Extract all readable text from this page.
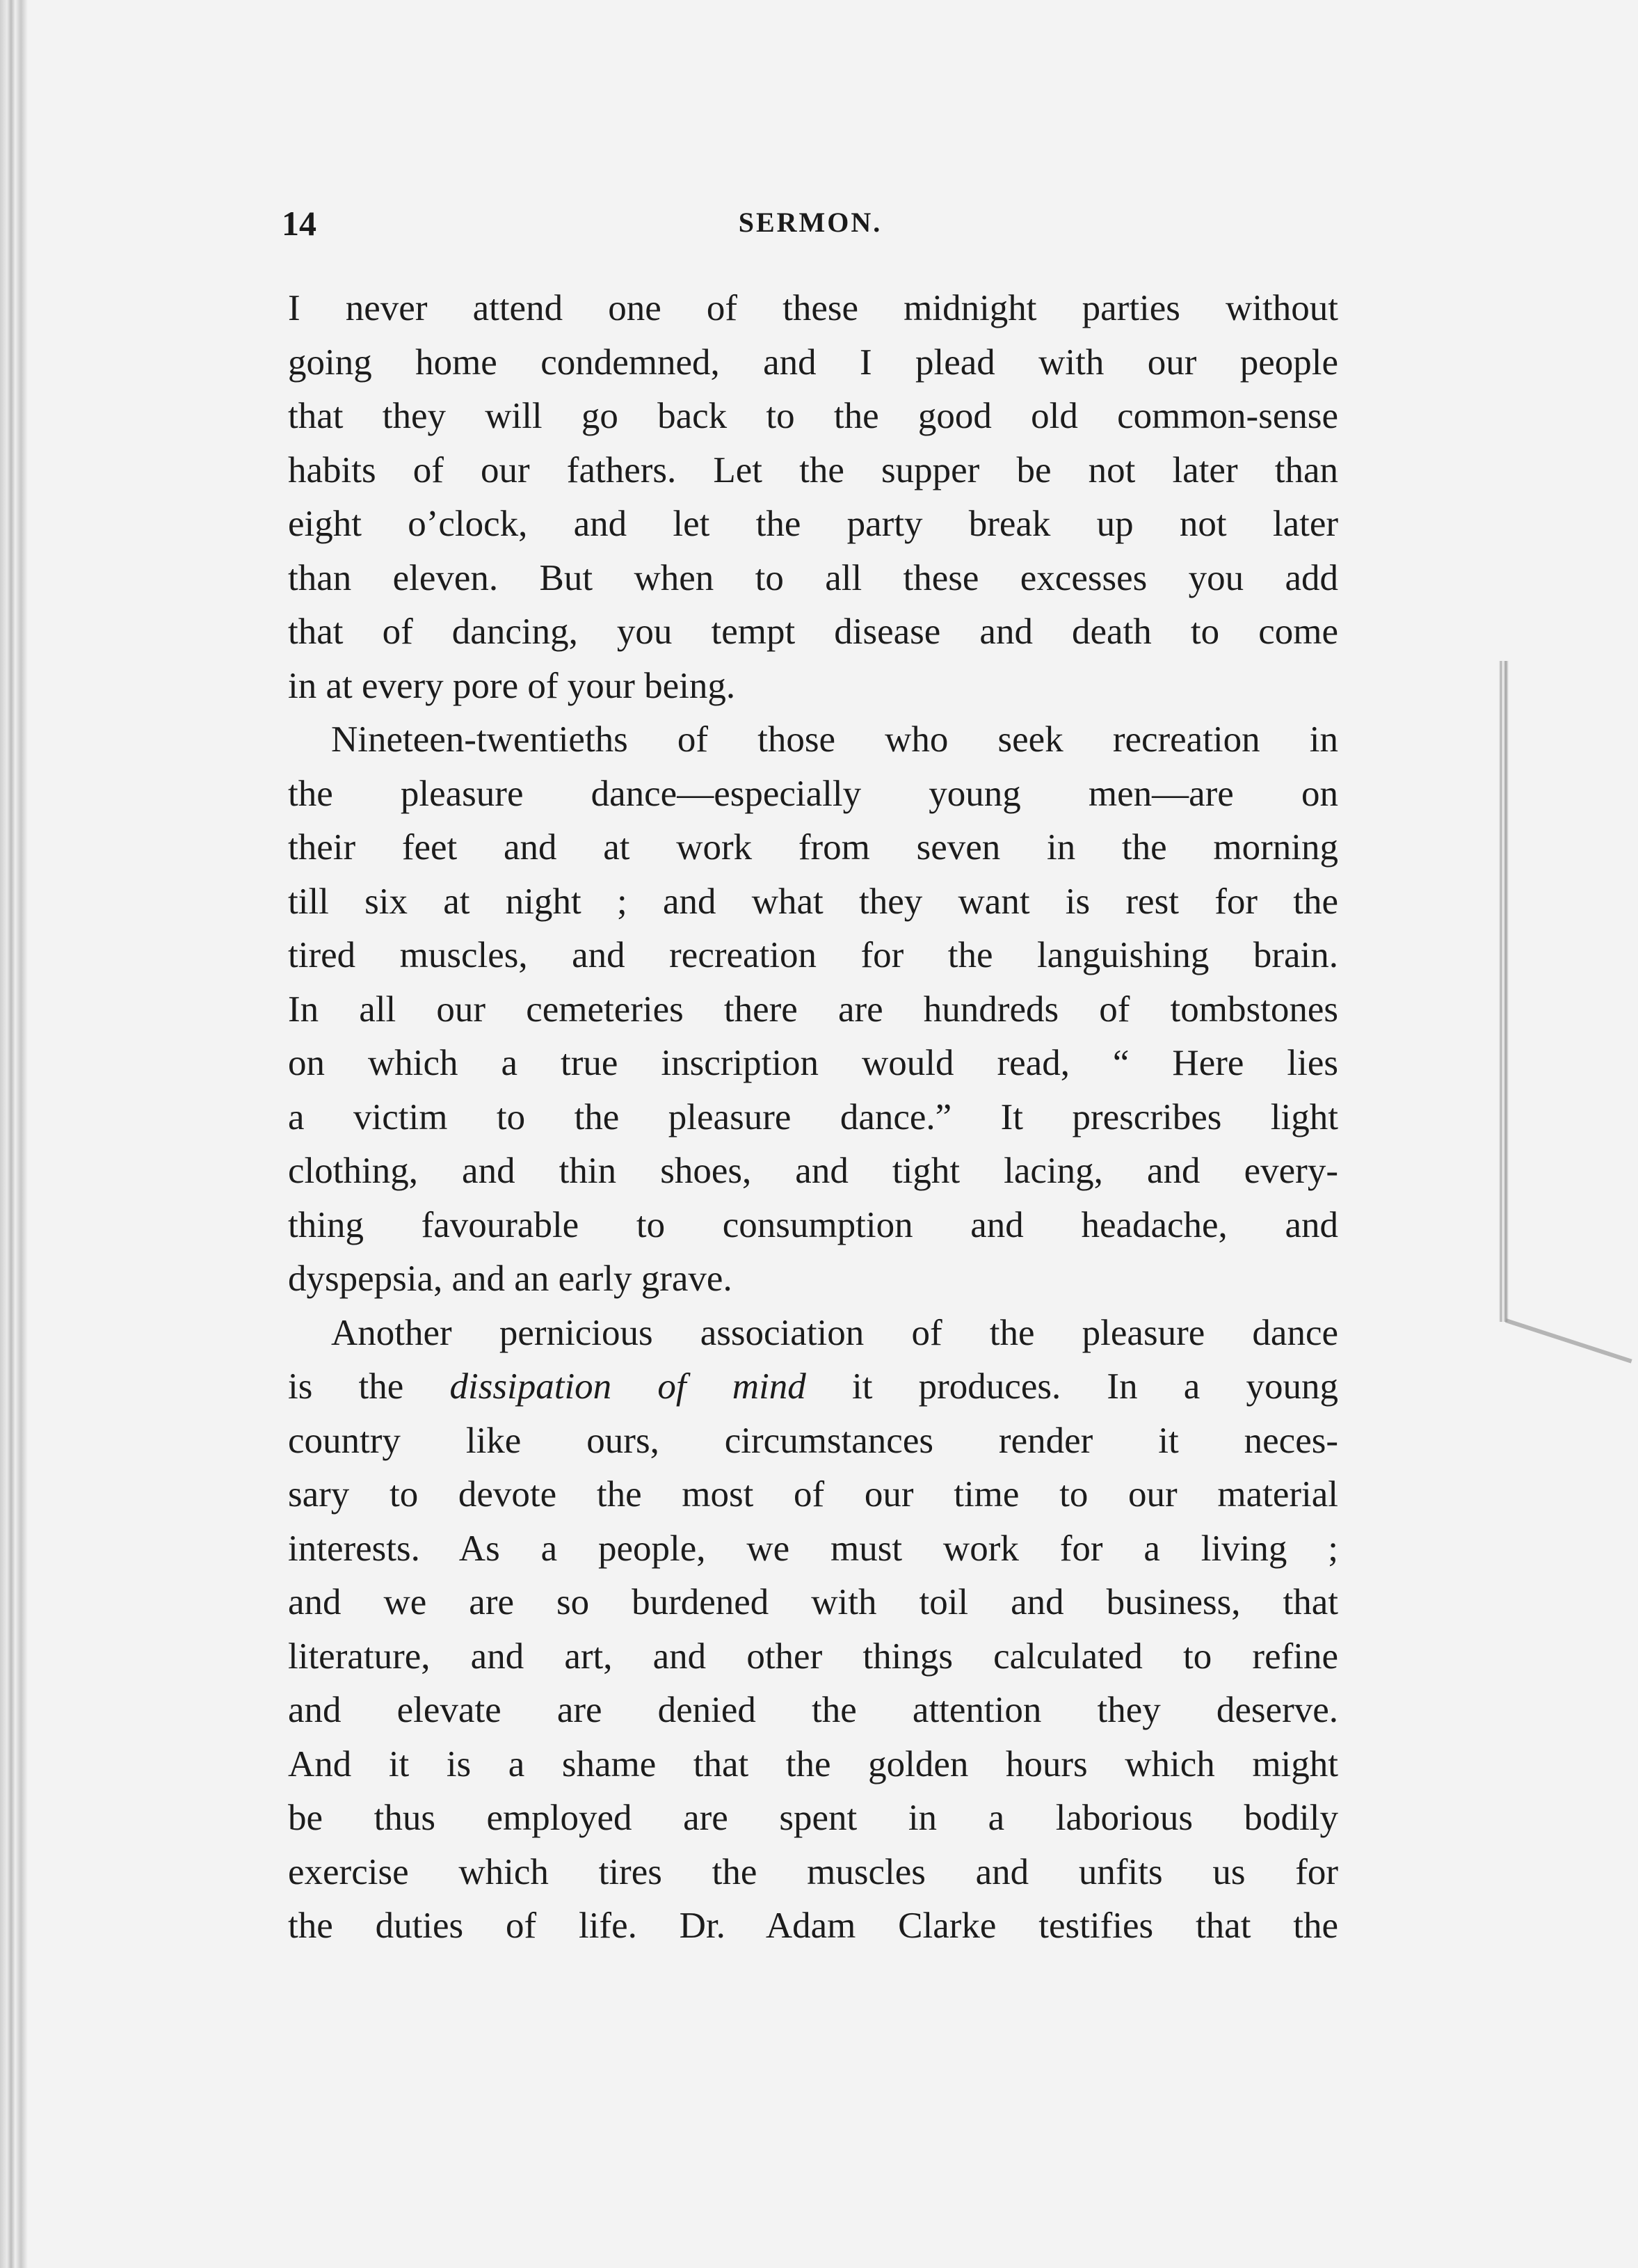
14	SERMON.
I never attend one of these midnight parties without
going home condemned, and I plead with our people
that they will go back to the good old common-sense
habits of our fathers. Let the supper be not later than
eight o’clock, and let the party break up not later
than eleven. But when to all these excesses you add
that of dancing, you tempt disease and death to come
in at every pore of your being.
Nineteen-twentieths of those who seek recreation in
the pleasure dance—especially young men—are on
their feet and at work from seven in the morning
till six at night ; and what they want is rest for the
tired muscles, and recreation for the languishing brain.
In all our cemeteries there are hundreds of tombstones
on which a true inscription would read, “ Here lies
a victim to the pleasure dance.” It prescribes light
clothing, and thin shoes, and tight lacing, and every-
thing favourable to consumption and headache, and
dyspepsia, and an early grave.
Another pernicious association of the pleasure dance
is the dissipation of mind it produces. In a young
country like ours, circumstances render it neces-
sary to devote the most of our time to our material
interests. As a people, we must work for a living ;
and we are so burdened with toil and business, that
literature, and art, and other things calculated to refine
and elevate are denied the attention they deserve.
And it is a shame that the golden hours which might
be thus employed are spent in a laborious bodily
exercise which tires the muscles and unfits us for
the duties of life. Dr. Adam Clarke testifies that the
